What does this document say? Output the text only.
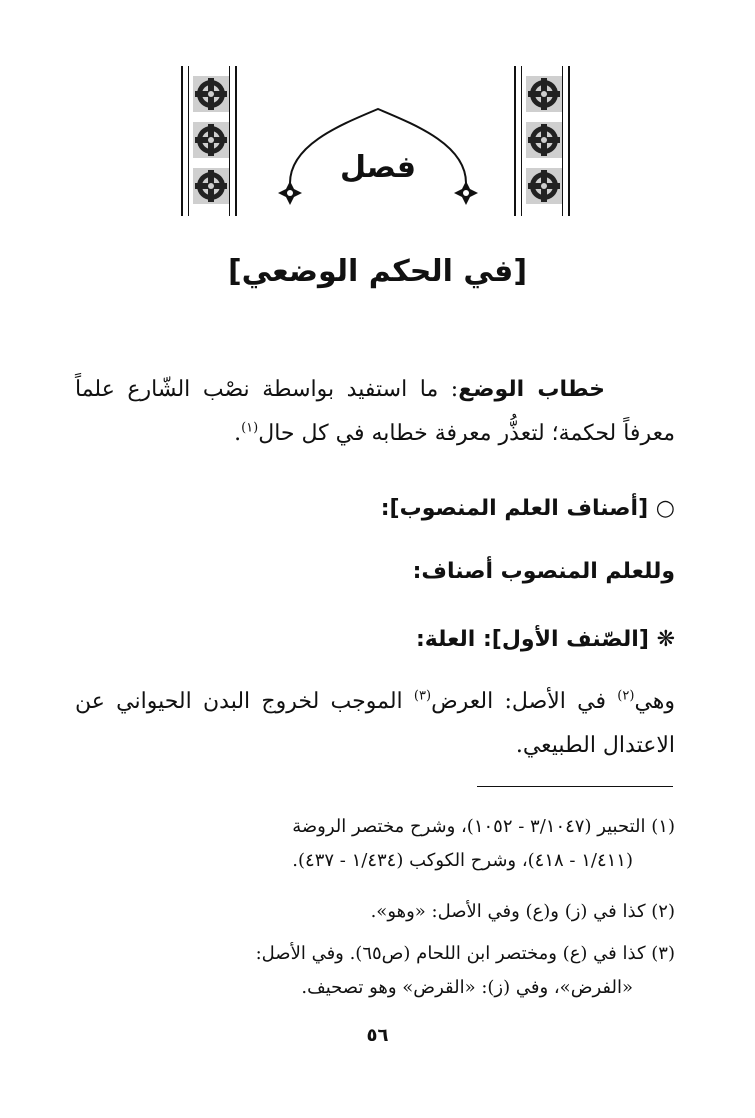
فصل
[في الحكم الوضعي]
خطاب الوضع: ما استفيد بواسطة نصْب الشّارع علماً معرفاً لحكمة؛ لتعذُّر معرفة خطابه في كل حال$^{(١)}$.
○ [أصناف العلم المنصوب]:
وللعلم المنصوب أصناف:
❋ [الصّنف الأول]: العلة:
وهي$^{(٢)}$ في الأصل: العرض$^{(٣)}$ الموجب لخروج البدن الحيواني عن الاعتدال الطبيعي.
(١) التحبير (٣/١٠٤٧ - ١٠٥٢)، وشرح مختصر الروضة
(١/٤١١ - ٤١٨)، وشرح الكوكب (١/٤٣٤ - ٤٣٧).
(٢) كذا في (ز) و(ع) وفي الأصل: «وهو».
(٣) كذا في (ع) ومختصر ابن اللحام (ص٦٥). وفي الأصل:
«الفرض»، وفي (ز): «القرض» وهو تصحيف.
٥٦
